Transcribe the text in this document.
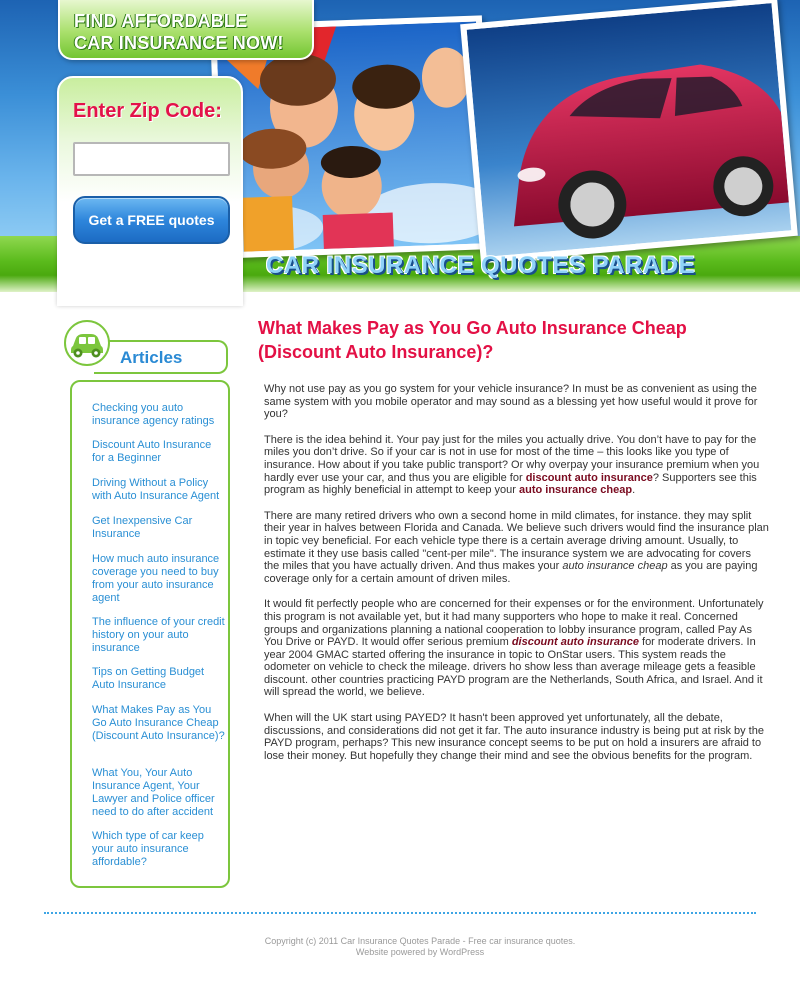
FIND AFFORDABLE
CAR INSURANCE NOW!
CAR INSURANCE QUOTES PARADE
Enter Zip Code:
Get a FREE quotes
Articles
Checking you auto insurance agency ratings
Discount Auto Insurance for a Beginner
Driving Without a Policy with Auto Insurance Agent
Get Inexpensive Car Insurance
How much auto insurance coverage you need to buy from your auto insurance agent
The influence of your credit history on your auto insurance
Tips on Getting Budget Auto Insurance
What Makes Pay as You Go Auto Insurance Cheap (Discount Auto Insurance)?
What You, Your Auto Insurance Agent, Your Lawyer and Police officer need to do after accident
Which type of car keep your auto insurance affordable?
What Makes Pay as You Go Auto Insurance Cheap (Discount Auto Insurance)?

Why not use pay as you go system for your vehicle insurance? In must be as convenient as using the same system with you mobile operator and may sound as a blessing yet how useful would it prove for you?

There is the idea behind it. Your pay just for the miles you actually drive. You don’t have to pay for the miles you don’t drive. So if your car is not in use for most of the time – this looks like you type of insurance. How about if you take public transport? Or why overpay your insurance premium when you hardly ever use your car, and thus you are eligible for discount auto insurance? Supporters see this program as highly beneficial in attempt to keep your auto insurance cheap.

There are many retired drivers who own a second home in mild climates, for instance. they may split their year in halves between Florida and Canada. We believe such drivers would find the insurance plan in topic vey beneficial. For each vehicle type there is a certain average driving amount. Usually, to estimate it they use basis called "cent-per mile". The insurance system we are advocating for covers the miles that you have actually driven. And thus makes your auto insurance cheap as you are paying coverage only for a certain amount of driven miles.

It would fit perfectly people who are concerned for their expenses or for the environment. Unfortunately this program is not available yet, but it had many supporters who hope to make it real. Concerned groups and organizations planning a national cooperation to lobby insurance program, called Pay As You Drive or PAYD. It would offer serious premium discount auto insurance for moderate drivers. In year 2004 GMAC started offering the insurance in topic to OnStar users. This system reads the odometer on vehicle to check the mileage. drivers ho show less than average mileage gets a feasible discount. other countries practicing PAYD program are the Netherlands, South Africa, and Israel. And it will spread the world, we believe.

When will the UK start using PAYED? It hasn't been approved yet unfortunately, all the debate, discussions, and considerations did not get it far. The auto insurance industry is being put at risk by the PAYD program, perhaps? This new insurance concept seems to be put on hold a insurers are afraid to lose their money. But hopefully they change their mind and see the obvious benefits for the program.

Copyright (c) 2011 Car Insurance Quotes Parade - Free car insurance quotes.
Website powered by WordPress
